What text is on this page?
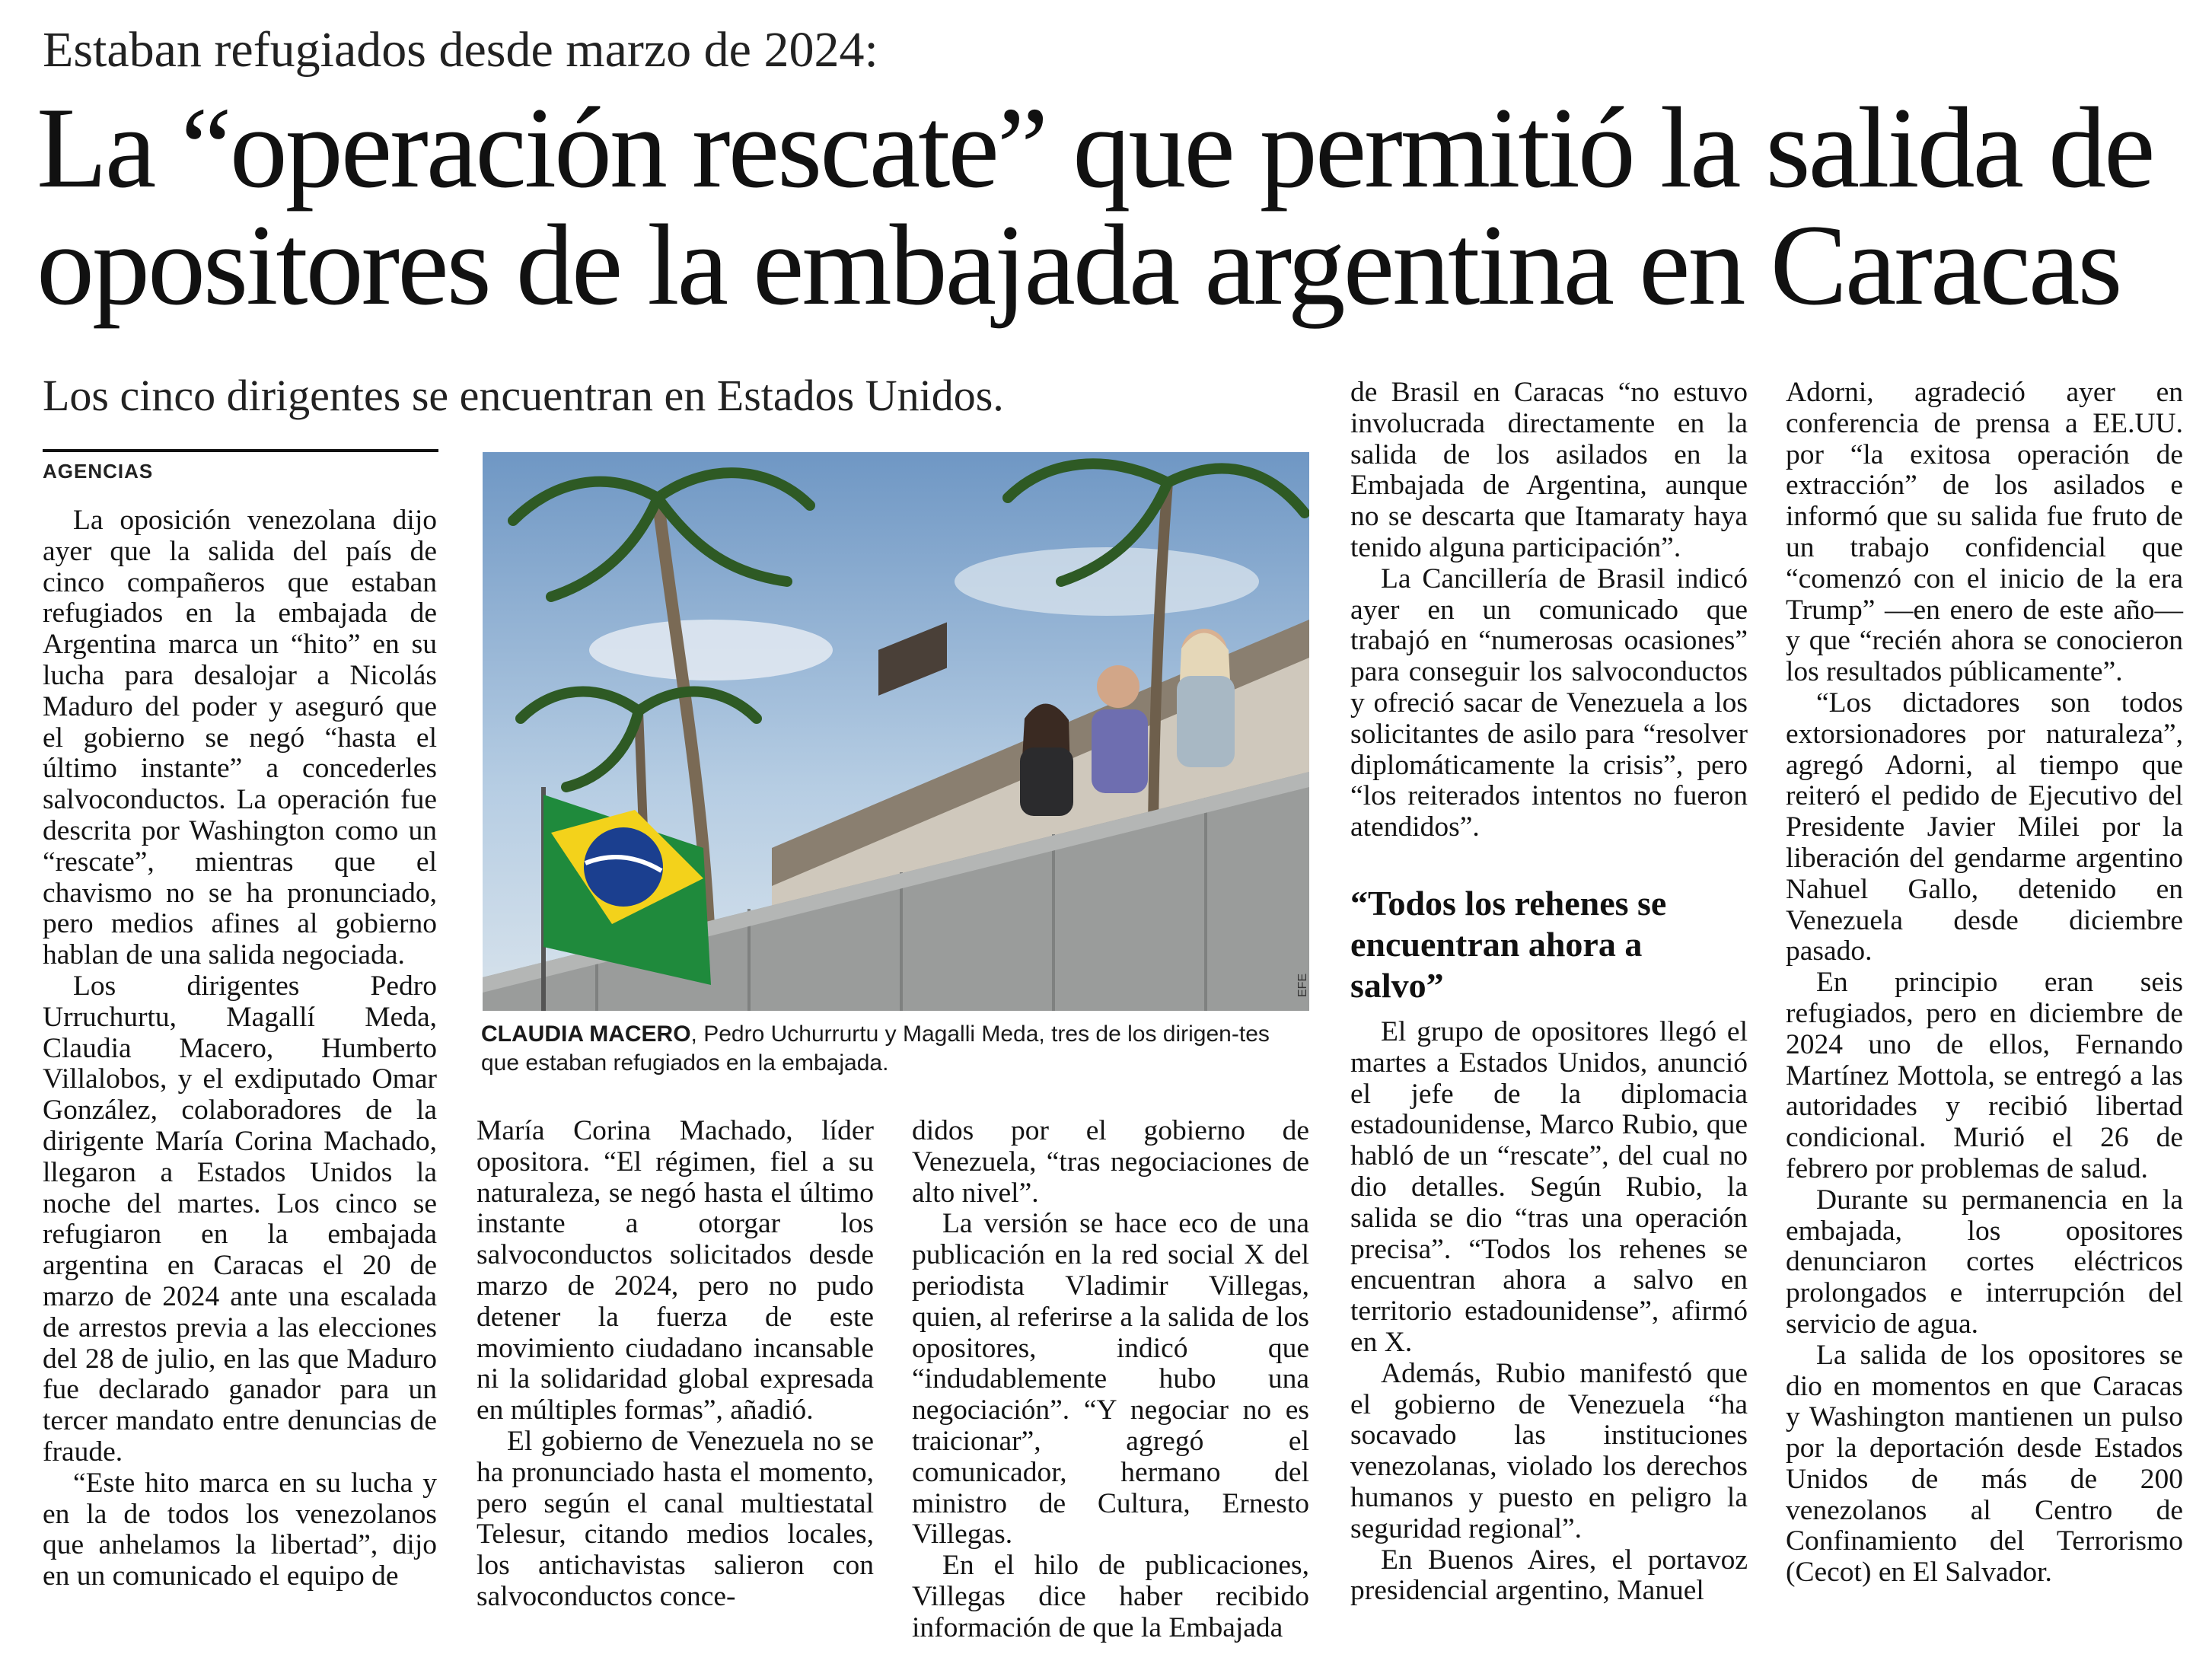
Estaban refugiados desde marzo de 2024:
La “operación rescate” que permitió la salida de
opositores de la embajada argentina en Caracas
Los cinco dirigentes se encuentran en Estados Unidos.
AGENCIAS

La oposición venezolana dijo ayer que la salida del país de cinco compañeros que estaban refugiados en la embajada de Argentina marca un “hito” en su lucha para desalojar a Nicolás Maduro del poder y aseguró que el gobierno se negó “hasta el último instante” a concederles salvoconductos. La operación fue descrita por Washington como un “rescate”, mientras que el chavismo no se ha pronunciado, pero medios afines al gobierno hablan de una salida negociada.

Los dirigentes Pedro Urruchurtu, Magallí Meda, Claudia Macero, Humberto Villalobos, y el exdiputado Omar González, colaboradores de la dirigente María Corina Machado, llegaron a Estados Unidos la noche del martes. Los cinco se refugiaron en la embajada argentina en Caracas el 20 de marzo de 2024 ante una escalada de arrestos previa a las elecciones del 28 de julio, en las que Maduro fue declarado ganador para un tercer mandato entre denuncias de fraude.

“Este hito marca en su lucha y en la de todos los venezolanos que anhelamos la libertad”, dijo en un comunicado el equipo de

EFE
CLAUDIA MACERO, Pedro Uchurrurtu y Magalli Meda, tres de los dirigen-tes que estaban refugiados en la embajada.

María Corina Machado, líder opositora. “El régimen, fiel a su naturaleza, se negó hasta el último instante a otorgar los salvoconductos solicitados desde marzo de 2024, pero no pudo detener la fuerza de este movimiento ciudadano incansable ni la solidaridad global expresada en múltiples formas”, añadió.

El gobierno de Venezuela no se ha pronunciado hasta el momento, pero según el canal multiestatal Telesur, citando medios locales, los antichavistas salieron con salvoconductos conce-

didos por el gobierno de Venezuela, “tras negociaciones de alto nivel”.

La versión se hace eco de una publicación en la red social X del periodista Vladimir Villegas, quien, al referirse a la salida de los opositores, indicó que “indudablemente hubo una negociación”. “Y negociar no es traicionar”, agregó el comunicador, hermano del ministro de Cultura, Ernesto Villegas.

En el hilo de publicaciones, Villegas dice haber recibido información de que la Embajada

de Brasil en Caracas “no estuvo involucrada directamente en la salida de los asilados en la Embajada de Argentina, aunque no se descarta que Itamaraty haya tenido alguna participación”.

La Cancillería de Brasil indicó ayer en un comunicado que trabajó en “numerosas ocasiones” para conseguir los salvoconductos y ofreció sacar de Venezuela a los solicitantes de asilo para “resolver diplomáticamente la crisis”, pero “los reiterados intentos no fueron atendidos”.

“Todos los rehenes se encuentran ahora a salvo”

El grupo de opositores llegó el martes a Estados Unidos, anunció el jefe de la diplomacia estadounidense, Marco Rubio, que habló de un “rescate”, del cual no dio detalles. Según Rubio, la salida se dio “tras una operación precisa”. “Todos los rehenes se encuentran ahora a salvo en territorio estadounidense”, afirmó en X.

Además, Rubio manifestó que el gobierno de Venezuela “ha socavado las instituciones venezolanas, violado los derechos humanos y puesto en peligro la seguridad regional”.

En Buenos Aires, el portavoz presidencial argentino, Manuel

Adorni, agradeció ayer en conferencia de prensa a EE.UU. por “la exitosa operación de extracción” de los asilados e informó que su salida fue fruto de un trabajo confidencial que “comenzó con el inicio de la era Trump” —en enero de este año— y que “recién ahora se conocieron los resultados públicamente”.

“Los dictadores son todos extorsionadores por naturaleza”, agregó Adorni, al tiempo que reiteró el pedido de Ejecutivo del Presidente Javier Milei por la liberación del gendarme argentino Nahuel Gallo, detenido en Venezuela desde diciembre pasado.

En principio eran seis refugiados, pero en diciembre de 2024 uno de ellos, Fernando Martínez Mottola, se entregó a las autoridades y recibió libertad condicional. Murió el 26 de febrero por problemas de salud.

Durante su permanencia en la embajada, los opositores denunciaron cortes eléctricos prolongados e interrupción del servicio de agua.

La salida de los opositores se dio en momentos en que Caracas y Washington mantienen un pulso por la deportación desde Estados Unidos de más de 200 venezolanos al Centro de Confinamiento del Terrorismo (Cecot) en El Salvador.
